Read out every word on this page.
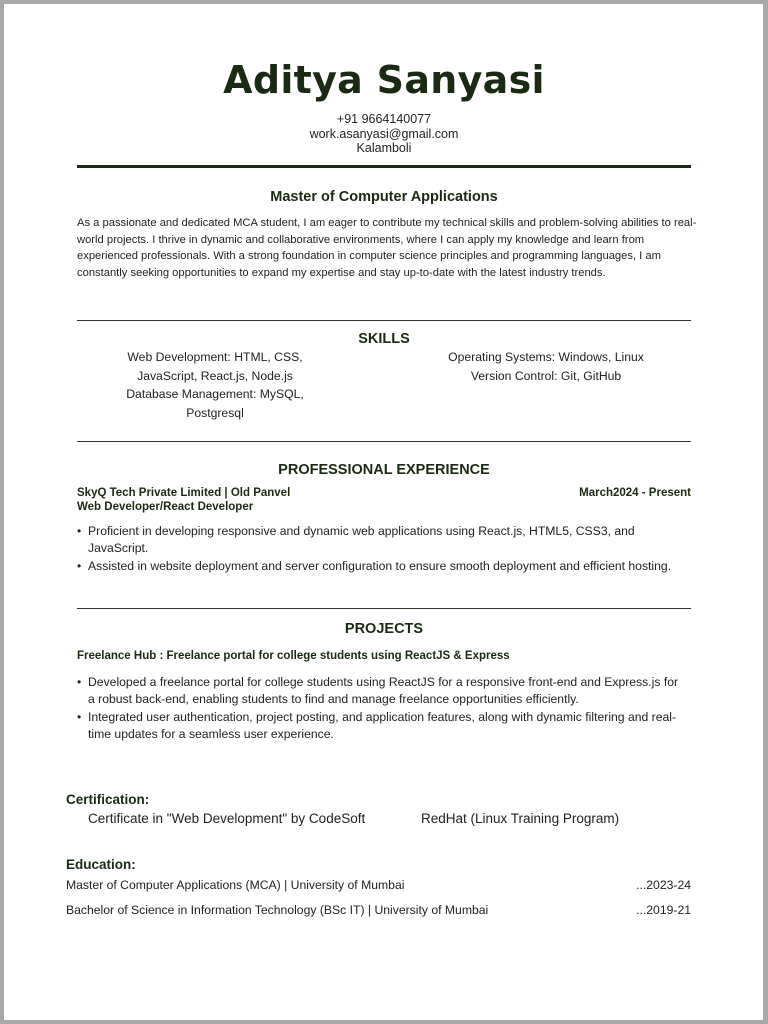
Aditya Sanyasi
+91 9664140077
work.asanyasi@gmail.com
Kalamboli
Master of Computer Applications
As a passionate and dedicated MCA student, I am eager to contribute my technical skills and problem-solving abilities to real-world projects. I thrive in dynamic and collaborative environments, where I can apply my knowledge and learn from experienced professionals. With a strong foundation in computer science principles and programming languages, I am constantly seeking opportunities to expand my expertise and stay up-to-date with the latest industry trends.
SKILLS
Web Development: HTML, CSS, JavaScript, React.js, Node.js
Database Management: MySQL, Postgresql
Operating Systems: Windows, Linux
Version Control: Git, GitHub
PROFESSIONAL EXPERIENCE
SkyQ Tech Private Limited | Old Panvel	March2024 - Present
Web Developer/React Developer
• Proficient in developing responsive and dynamic web applications using React.js, HTML5, CSS3, and JavaScript.
• Assisted in website deployment and server configuration to ensure smooth deployment and efficient hosting.
PROJECTS
Freelance Hub : Freelance portal for college students using ReactJS & Express
• Developed a freelance portal for college students using ReactJS for a responsive front-end and Express.js for a robust back-end, enabling students to find and manage freelance opportunities efficiently.
• Integrated user authentication, project posting, and application features, along with dynamic filtering and real-time updates for a seamless user experience.
Certification:
Certificate in "Web Development" by CodeSoft	RedHat (Linux Training Program)
Education:
Master of Computer Applications (MCA) | University of Mumbai	...2023-24
Bachelor of Science in Information Technology (BSc IT) | University of Mumbai	...2019-21
